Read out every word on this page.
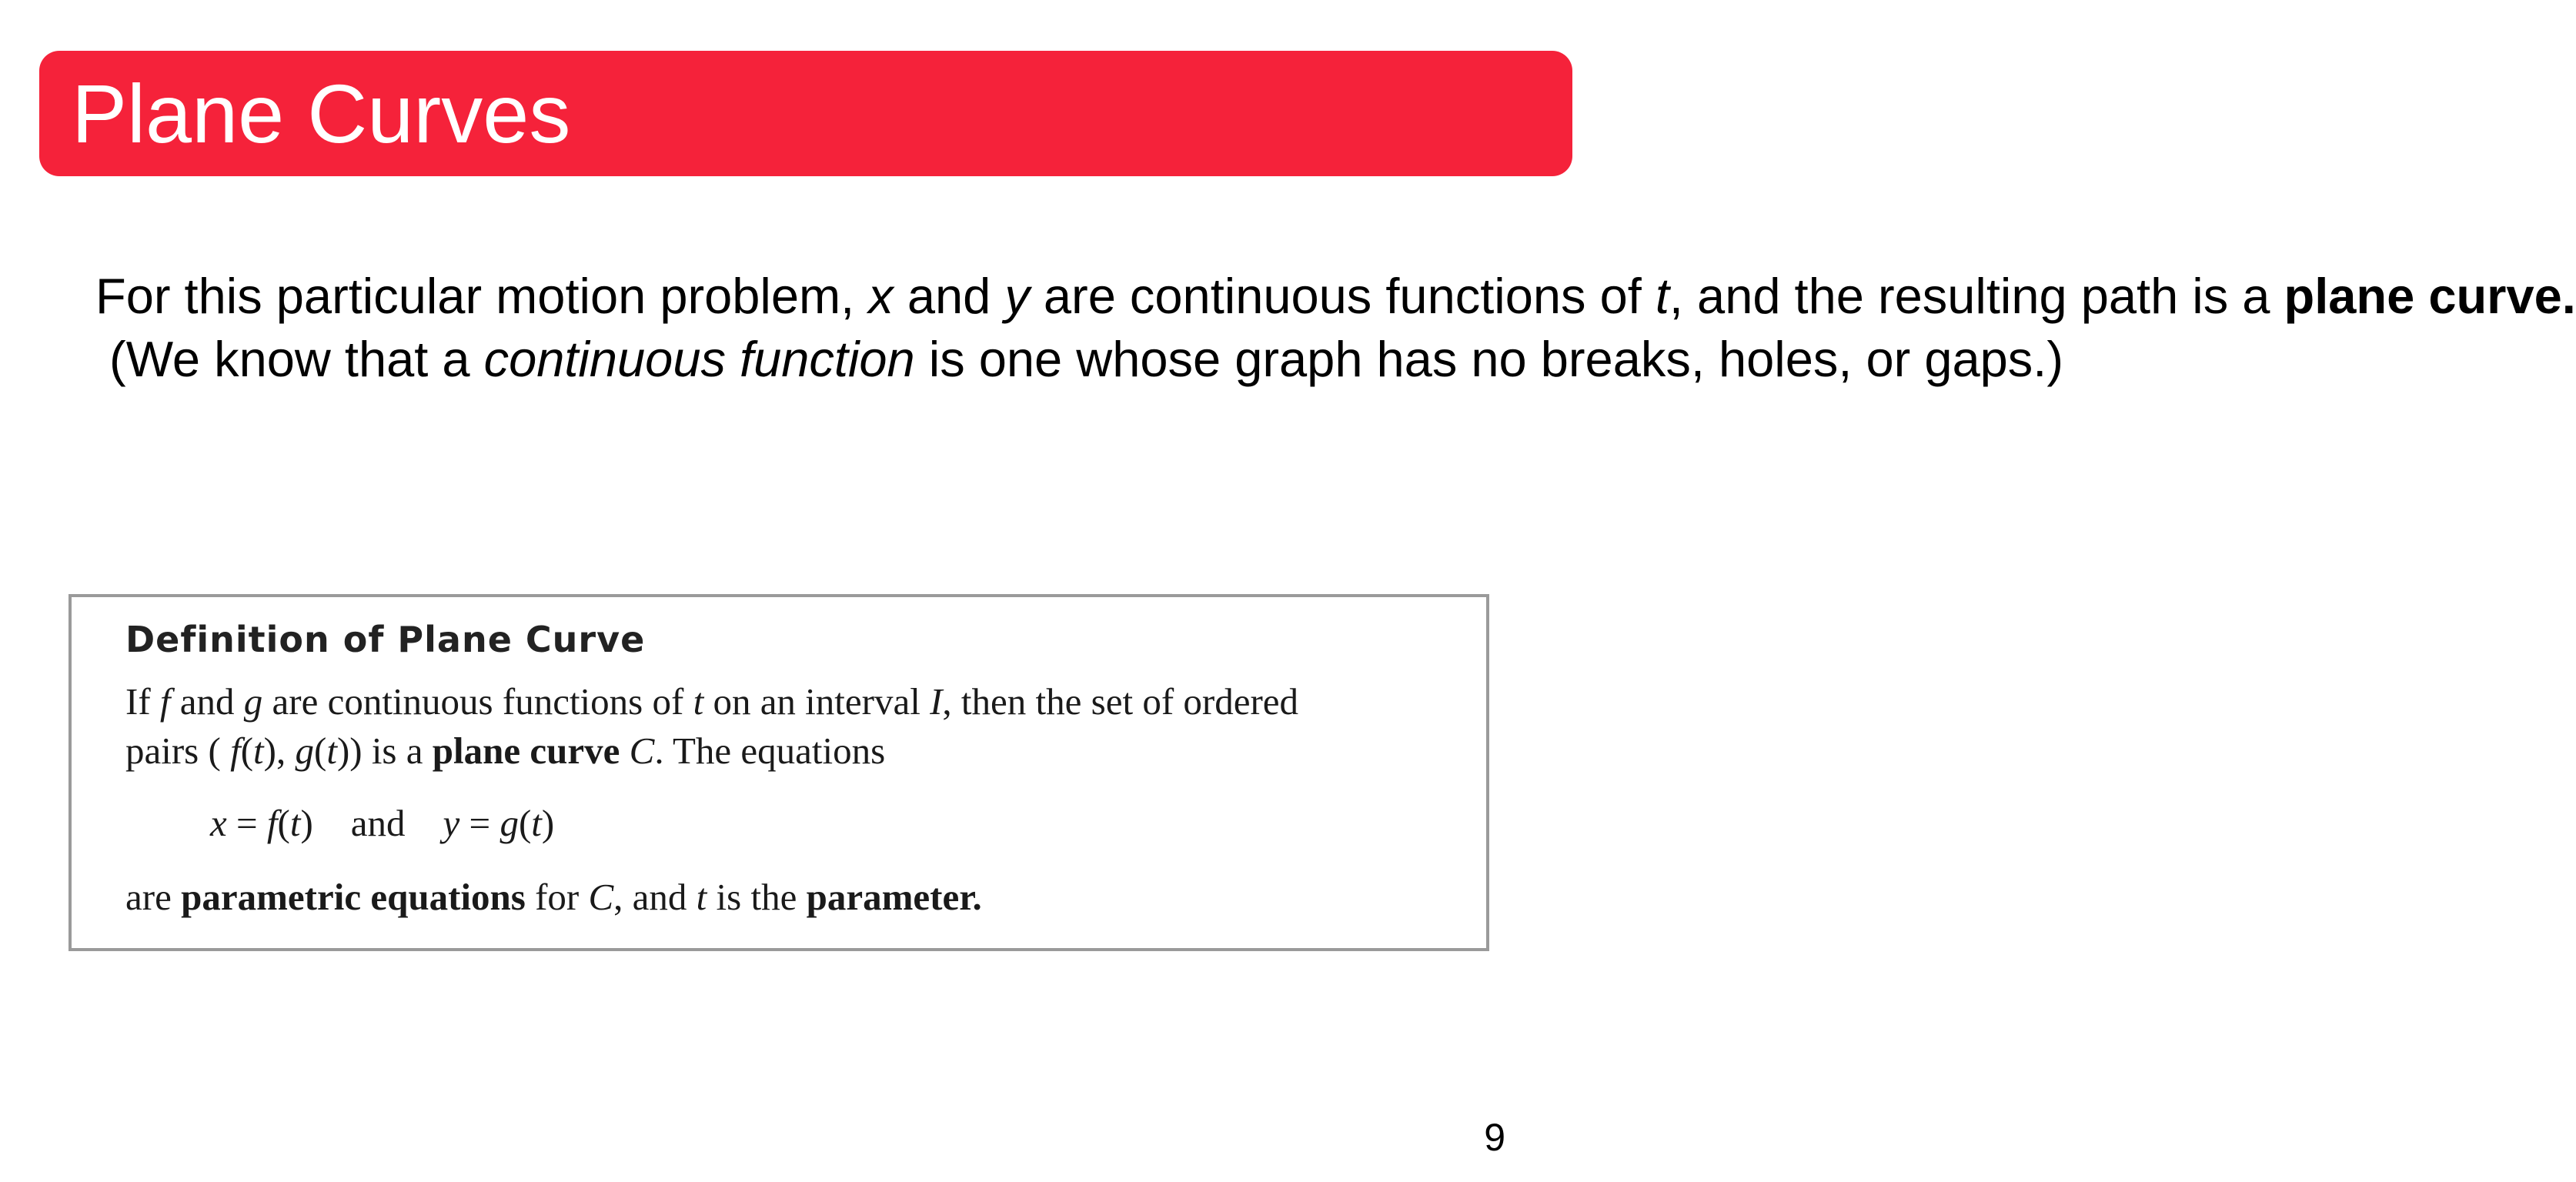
Plane Curves
For this particular motion problem, x and y are continuous functions of t, and the resulting path is a plane curve.
(We know that a continuous function is one whose graph has no breaks, holes, or gaps.)
Definition of Plane Curve
If f and g are continuous functions of t on an interval I, then the set of ordered
pairs ( f(t), g(t)) is a plane curve C. The equations
x = f(t)    and    y = g(t)
are parametric equations for C, and t is the parameter.
9
